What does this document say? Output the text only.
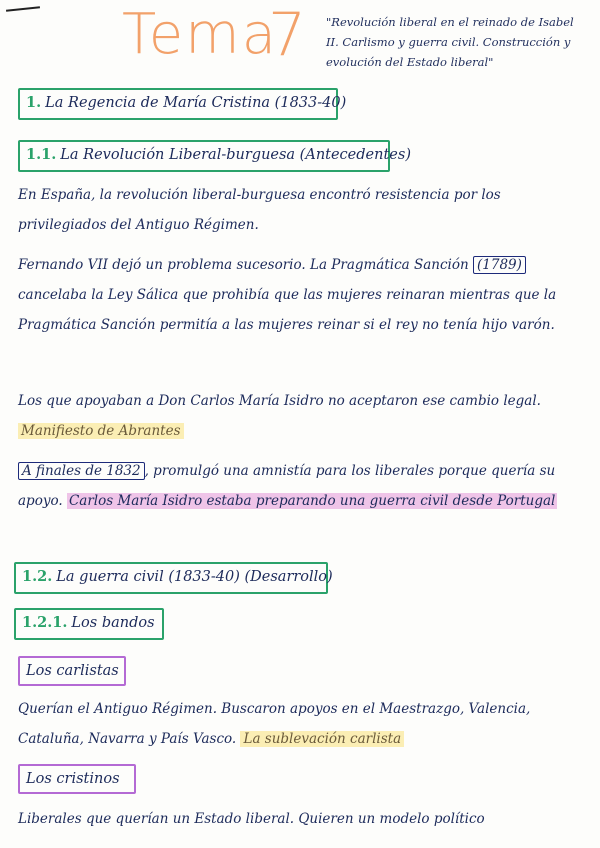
Tema
7 "Revolución liberal en el reinado de Isabel II. Carlismo y guerra civil. Construcción y evolución del Estado liberal"
1. La Regencia de María Cristina (1833-40)
1.1. La Revolución Liberal-burguesa (Antecedentes)
En España, la revolución liberal-burguesa encontró resistencia por los privilegiados del Antiguo Régimen.
Fernando VII dejó un problema sucesorio. La Pragmática Sanción (1789) cancelaba la Ley Sálica que prohibía que las mujeres reinaran mientras que la Pragmática Sanción permitía a las mujeres reinar si el rey no tenía hijo varón.
Los que apoyaban a Don Carlos María Isidro no aceptaron ese cambio legal. Manifiesto de Abrantes
A finales de 1832 , promulgó una amnistía para los liberales porque quería su apoyo. Carlos María Isidro estaba preparando una guerra civil desde Portugal
1.2. La guerra civil (1833-40) (Desarrollo)
1.2.1. Los bandos
Los carlistas
Querían el Antiguo Régimen. Buscaron apoyos en el Maestrazgo, Valencia, Cataluña, Navarra y País Vasco. La sublevación carlista
Los cristinos
Liberales que querían un Estado liberal. Quieren un modelo político
